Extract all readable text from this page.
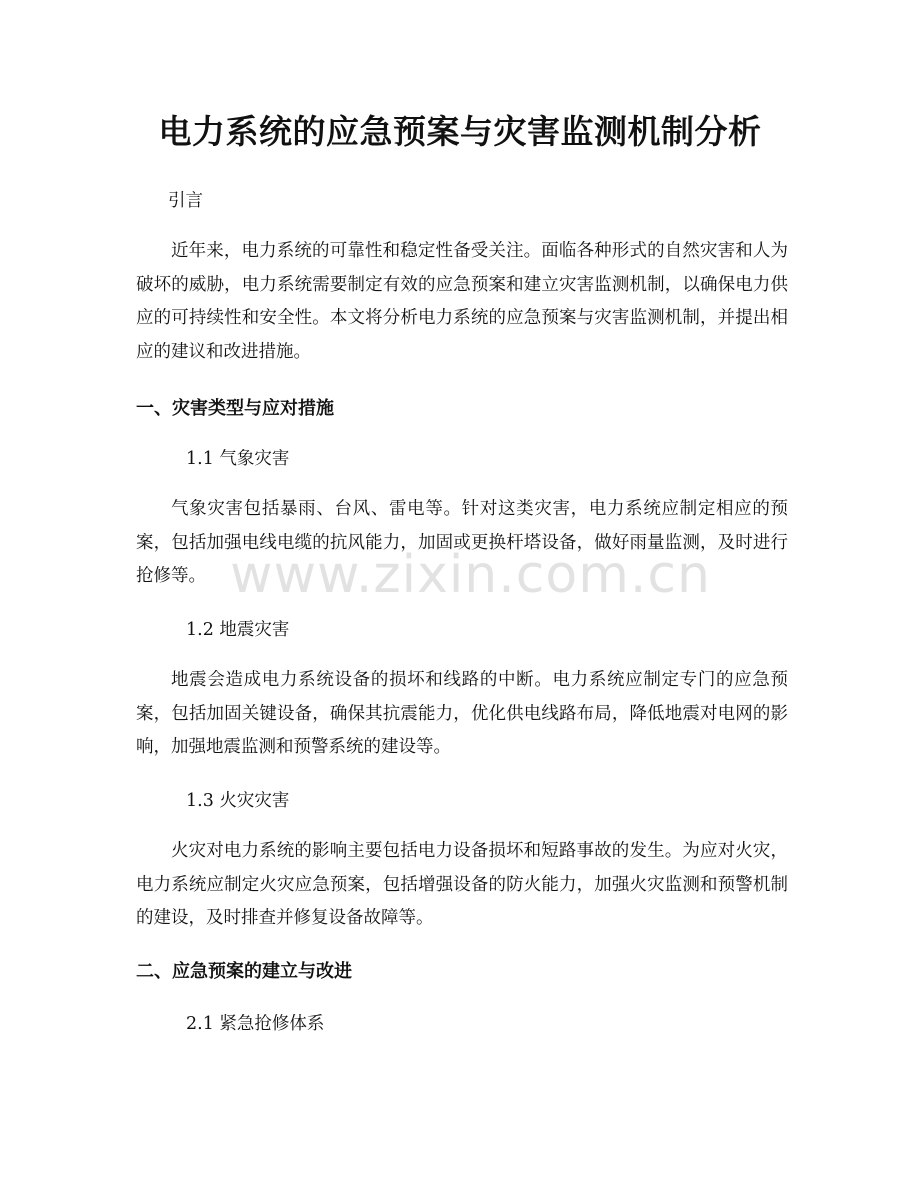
电力系统的应急预案与灾害监测机制分析

引言

近年来，电力系统的可靠性和稳定性备受关注。面临各种形式的自然灾害和人为破坏的威胁，电力系统需要制定有效的应急预案和建立灾害监测机制，以确保电力供应的可持续性和安全性。本文将分析电力系统的应急预案与灾害监测机制，并提出相应的建议和改进措施。

一、灾害类型与应对措施

1.1 气象灾害

气象灾害包括暴雨、台风、雷电等。针对这类灾害，电力系统应制定相应的预案，包括加强电线电缆的抗风能力，加固或更换杆塔设备，做好雨量监测，及时进行抢修等。

1.2 地震灾害

地震会造成电力系统设备的损坏和线路的中断。电力系统应制定专门的应急预案，包括加固关键设备，确保其抗震能力，优化供电线路布局，降低地震对电网的影响，加强地震监测和预警系统的建设等。

1.3 火灾灾害

火灾对电力系统的影响主要包括电力设备损坏和短路事故的发生。为应对火灾，电力系统应制定火灾应急预案，包括增强设备的防火能力，加强火灾监测和预警机制的建设，及时排查并修复设备故障等。

二、应急预案的建立与改进

2.1 紧急抢修体系

www.zixin.com.cn
